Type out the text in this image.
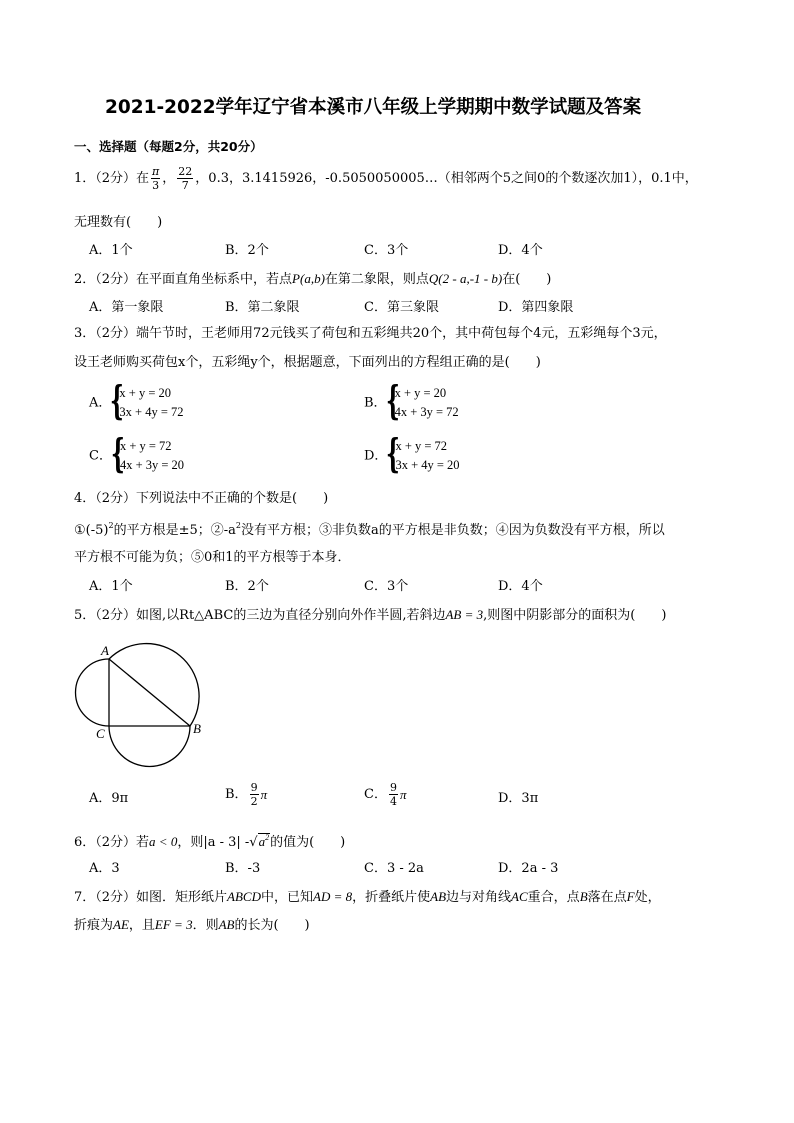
2021-2022学年辽宁省本溪市八年级上学期期中数学试题及答案
一、选择题（每题2分，共20分）
1．（2分）在 $\frac{\pi}{3}$ ， $\frac{22}{7}$ ，0.3，3.1415926，-0.5050050005…（相邻两个5之间0的个数逐次加1），0.1中，
无理数有(　　)
A．1个	B．2个	C．3个	D．4个
2．（2分）在平面直角坐标系中，若点P(a,b)在第二象限，则点Q(2 - a,-1 - b)在(　　)
A．第一象限	B．第二象限	C．第三象限	D．第四象限
3．（2分）端午节时，王老师用72元钱买了荷包和五彩绳共20个，其中荷包每个4元，五彩绳每个3元，
设王老师购买荷包x个，五彩绳y个，根据题意，下面列出的方程组正确的是(　　)
A． {
x + y = 20
3x + 4y = 72
B． {
x + y = 20
4x + 3y = 72
C． {
x + y = 72
4x + 3y = 20
D． {
x + y = 72
3x + 4y = 20
4．（2分）下列说法中不正确的个数是(　　)
$①(-5)^2$的平方根是±5；$②-a^2$没有平方根；③非负数a的平方根是非负数；④因为负数没有平方根，所以
平方根不可能为负；⑤0和1的平方根等于本身．
A．1个	B．2个	C．3个	D．4个
5．（2分）如图,以Rt△ABC的三边为直径分别向外作半圆,若斜边AB = 3,则图中阴影部分的面积为(　　)
A
B
C
A．9π	B． $\frac{9}{2}$ π	C． $\frac{9}{4}$ π	D．3π
6．（2分）若a < 0，则|a - 3| $-√a^2$的值为(　　)
A．3	B．-3	C．3 - 2a	D．2a - 3
7．（2分）如图．矩形纸片ABCD中，已知AD = 8，折叠纸片使AB边与对角线AC重合，点B落在点F处，
折痕为AE，且EF = 3．则AB的长为(　　)
